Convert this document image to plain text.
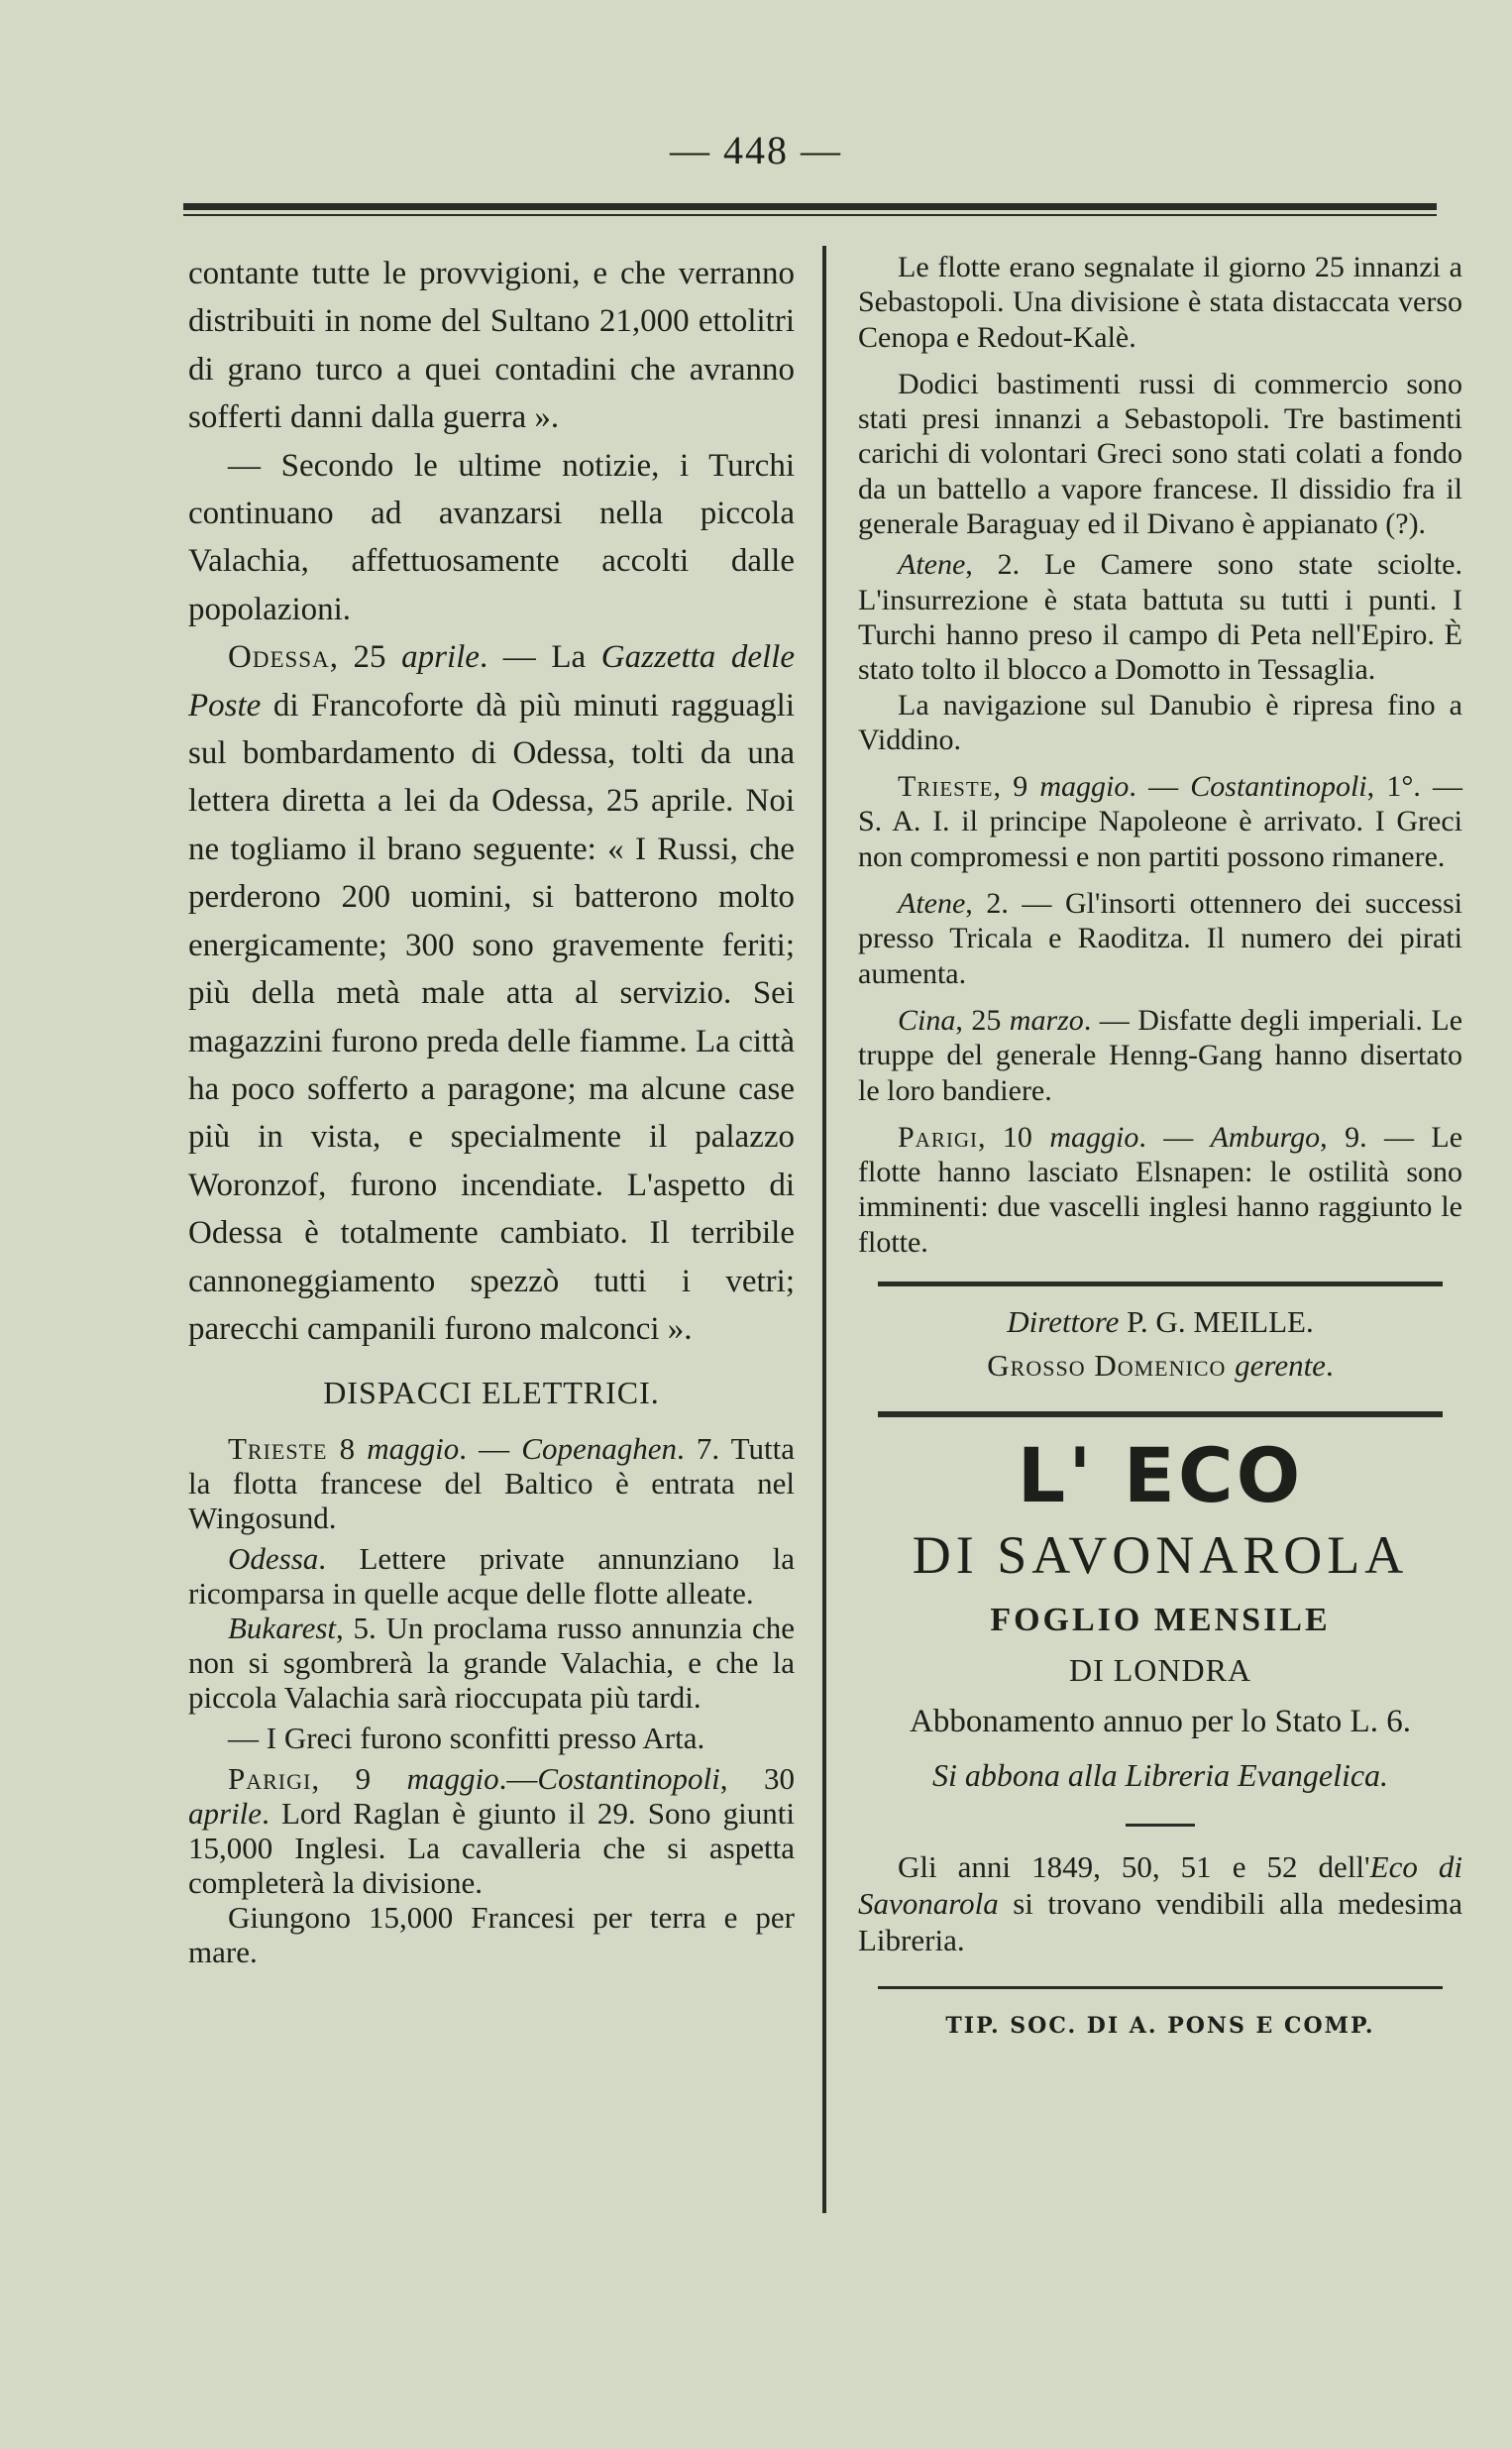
— 448 —

contante tutte le provvigioni, e che verranno distribuiti in nome del Sultano 21,000 ettolitri di grano turco a quei contadini che avranno sofferti danni dalla guerra ».

— Secondo le ultime notizie, i Turchi continuano ad avanzarsi nella piccola Valachia, affettuosamente accolti dalle popolazioni.

Odessa, 25 aprile. — La Gazzetta delle Poste di Francoforte dà più minuti ragguagli sul bombardamento di Odessa, tolti da una lettera diretta a lei da Odessa, 25 aprile. Noi ne togliamo il brano seguente: « I Russi, che perderono 200 uomini, si batterono molto energicamente; 300 sono gravemente feriti; più della metà male atta al servizio. Sei magazzini furono preda delle fiamme. La città ha poco sofferto a paragone; ma alcune case più in vista, e specialmente il palazzo Woronzof, furono incendiate. L'aspetto di Odessa è totalmente cambiato. Il terribile cannoneggiamento spezzò tutti i vetri; parecchi campanili furono malconci ».

DISPACCI ELETTRICI.

Trieste 8 maggio. — Copenaghen. 7. Tutta la flotta francese del Baltico è entrata nel Wingosund.

Odessa. Lettere private annunziano la ricomparsa in quelle acque delle flotte alleate.

Bukarest, 5. Un proclama russo annunzia che non si sgombrerà la grande Valachia, e che la piccola Valachia sarà rioccupata più tardi.

— I Greci furono sconfitti presso Arta.

Parigi, 9 maggio.—Costantinopoli, 30 aprile. Lord Raglan è giunto il 29. Sono giunti 15,000 Inglesi. La cavalleria che si aspetta completerà la divisione.

Giungono 15,000 Francesi per terra e per mare.

Le flotte erano segnalate il giorno 25 innanzi a Sebastopoli. Una divisione è stata distaccata verso Cenopa e Redout-Kalè.

Dodici bastimenti russi di commercio sono stati presi innanzi a Sebastopoli. Tre bastimenti carichi di volontari Greci sono stati colati a fondo da un battello a vapore francese. Il dissidio fra il generale Baraguay ed il Divano è appianato (?).

Atene, 2. Le Camere sono state sciolte. L'insurrezione è stata battuta su tutti i punti. I Turchi hanno preso il campo di Peta nell'Epiro. È stato tolto il blocco a Domotto in Tessaglia.

La navigazione sul Danubio è ripresa fino a Viddino.

Trieste, 9 maggio. — Costantinopoli, 1°. — S. A. I. il principe Napoleone è arrivato. I Greci non compromessi e non partiti possono rimanere.

Atene, 2. — Gl'insorti ottennero dei successi presso Tricala e Raoditza. Il numero dei pirati aumenta.

Cina, 25 marzo. — Disfatte degli imperiali. Le truppe del generale Henng-Gang hanno disertato le loro bandiere.

Parigi, 10 maggio. — Amburgo, 9. — Le flotte hanno lasciato Elsnapen: le ostilità sono imminenti: due vascelli inglesi hanno raggiunto le flotte.

Direttore P. G. MEILLE.

Grosso Domenico gerente.

L' ECO

DI SAVONAROLA

FOGLIO MENSILE

DI LONDRA

Abbonamento annuo per lo Stato L. 6.

Si abbona alla Libreria Evangelica.

Gli anni 1849, 50, 51 e 52 dell'Eco di Savonarola si trovano vendibili alla medesima Libreria.

TIP. SOC. DI A. PONS E COMP.
